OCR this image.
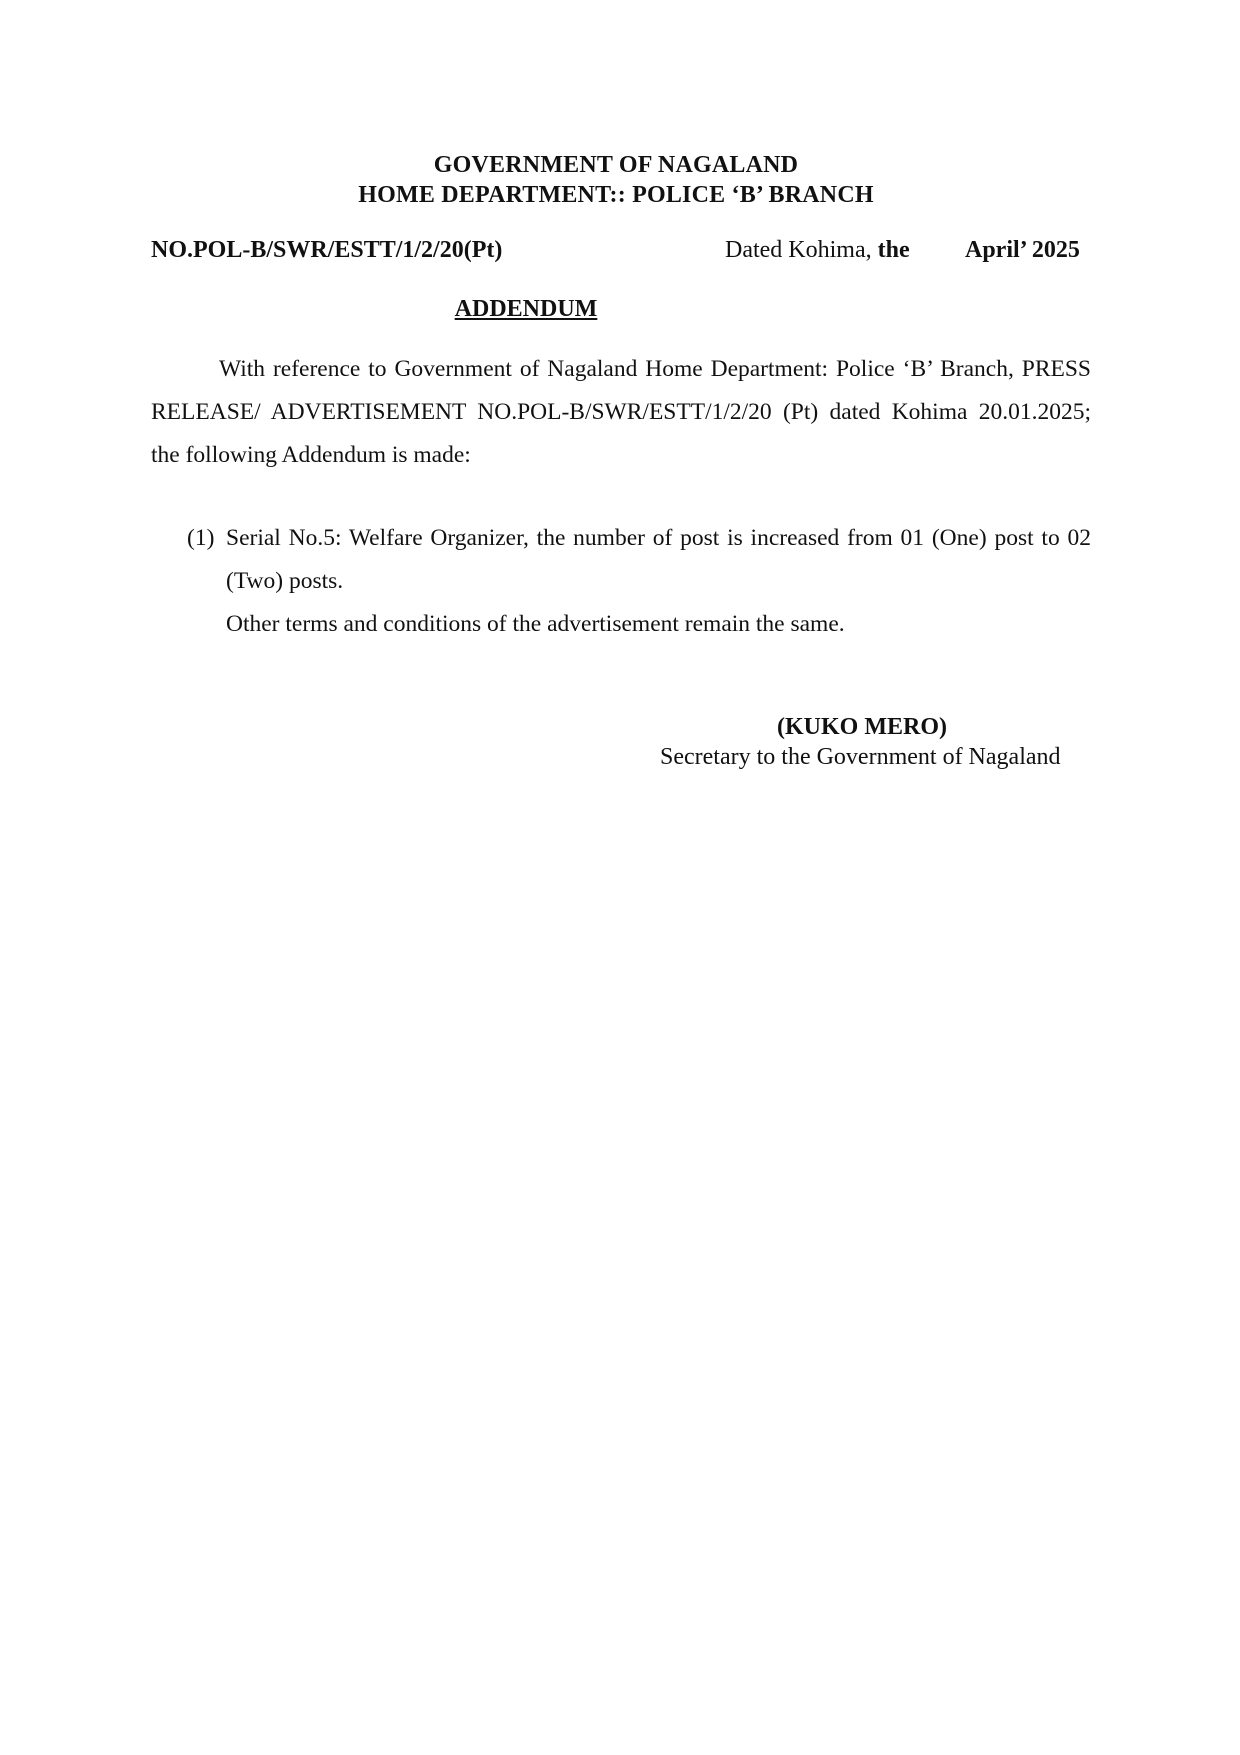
GOVERNMENT OF NAGALAND
HOME DEPARTMENT:: POLICE ‘B’ BRANCH
NO.POL-B/SWR/ESTT/1/2/20(Pt)	Dated Kohima, the April’ 2025
ADDENDUM
With reference to Government of Nagaland Home Department: Police ‘B’ Branch, PRESS RELEASE/ ADVERTISEMENT NO.POL-B/SWR/ESTT/1/2/20 (Pt) dated Kohima 20.01.2025; the following Addendum is made:
(1) Serial No.5: Welfare Organizer, the number of post is increased from 01 (One) post to 02 (Two) posts.
Other terms and conditions of the advertisement remain the same.
(KUKO MERO)
Secretary to the Government of Nagaland
